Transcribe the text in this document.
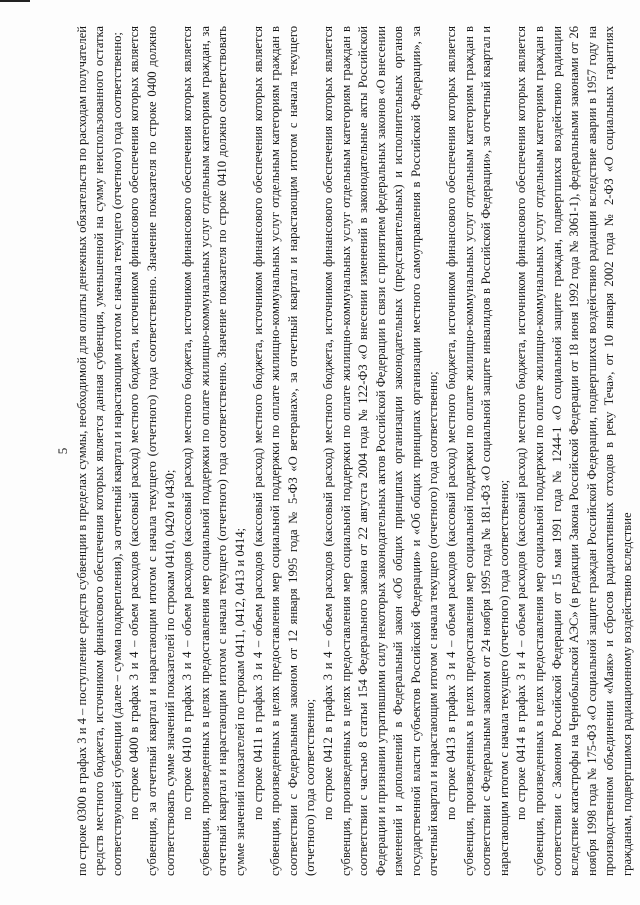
5 по строке 0300 в графах 3 и 4 – поступление средств субвенции в пределах суммы, необходимой для оплаты денежных обязательств по расходам получателей средств местного бюджета, источником финансового обеспечения которых является данная субвенция, уменьшенной на сумму неиспользованного остатка соответствующей субвенции (далее – сумма подкрепления), за отчетный квартал и нарастающим итогом с начала текущего (отчетного) года соответственно; по строке 0400 в графах 3 и 4 – объем расходов (кассовый расход) местного бюджета, источником финансового обеспечения которых является субвенция, за отчетный квартал и нарастающим итогом с начала текущего (отчетного) года соответственно. Значение показателя по строке 0400 должно соответствовать сумме значений показателей по строкам 0410, 0420 и 0430; по строке 0410 в графах 3 и 4 – объем расходов (кассовый расход) местного бюджета, источником финансового обеспечения которых является субвенция, произведенных в целях предоставления мер социальной поддержки по оплате жилищно-коммунальных услуг отдельным категориям граждан, за отчетный квартал и нарастающим итогом с начала текущего (отчетного) года соответственно. Значение показателя по строке 0410 должно соответствовать сумме значений показателей по строкам 0411, 0412, 0413 и 0414; по строке 0411 в графах 3 и 4 – объем расходов (кассовый расход) местного бюджета, источником финансового обеспечения которых является субвенция, произведенных в целях предоставления мер социальной поддержки по оплате жилищно-коммунальных услуг отдельным категориям граждан в соответствии с Федеральным законом от 12 января 1995 года № 5-ФЗ «О ветеранах», за отчетный квартал и нарастающим итогом с начала текущего (отчетного) года соответственно; по строке 0412 в графах 3 и 4 – объем расходов (кассовый расход) местного бюджета, источником финансового обеспечения которых является субвенция, произведенных в целях предоставления мер социальной поддержки по оплате жилищно-коммунальных услуг отдельным категориям граждан в соответствии с частью 8 статьи 154 Федерального закона от 22 августа 2004 года № 122-ФЗ «О внесении изменений в законодательные акты Российской Федерации и признании утратившими силу некоторых законодательных актов Российской Федерации в связи с принятием федеральных законов «О внесении изменений и дополнений в Федеральный закон «Об общих принципах организации законодательных (представительных) и исполнительных органов государственной власти субъектов Российской Федерации» и «Об общих принципах организации местного самоуправления в Российской Федерации», за отчетный квартал и нарастающим итогом с начала текущего (отчетного) года соответственно; по строке 0413 в графах 3 и 4 – объем расходов (кассовый расход) местного бюджета, источником финансового обеспечения которых является субвенция, произведенных в целях предоставления мер социальной поддержки по оплате жилищно-коммунальных услуг отдельным категориям граждан в соответствии с Федеральным законом от 24 ноября 1995 года № 181-ФЗ «О социальной защите инвалидов в Российской Федерации», за отчетный квартал и нарастающим итогом с начала текущего (отчетного) года соответственно; по строке 0414 в графах 3 и 4 – объем расходов (кассовый расход) местного бюджета, источником финансового обеспечения которых является субвенция, произведенных в целях предоставления мер социальной поддержки по оплате жилищно-коммунальных услуг отдельным категориям граждан в соответствии с Законом Российской Федерации от 15 мая 1991 года № 1244-1 «О социальной защите граждан, подвергшихся воздействию радиации вследствие катастрофы на Чернобыльской АЭС» (в редакции Закона Российской Федерации от 18 июня 1992 года № 3061-1), федеральными законами от 26 ноября 1998 года № 175-ФЗ «О социальной защите граждан Российской Федерации, подвергшихся воздействию радиации вследствие аварии в 1957 году на производственном объединении «Маяк» и сбросов радиоактивных отходов в реку Теча», от 10 января 2002 года № 2-ФЗ «О социальных гарантиях гражданам, подвергшимся радиационному воздействию вследствие
